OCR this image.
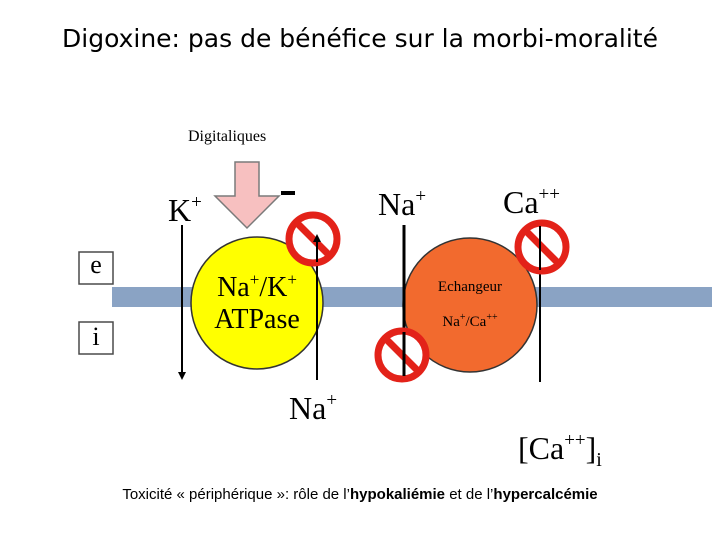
Digoxine: pas de bénéfice sur la morbi-moralité
Digitaliques
e
i
K+	Na+ Ca++
Na+
$[Ca^{++}]_i$
Na+/K+
ATPase
Echangeur
Na+/Ca++
Toxicité « périphérique »: rôle de l’hypokaliémie et de l’hypercalcémie
